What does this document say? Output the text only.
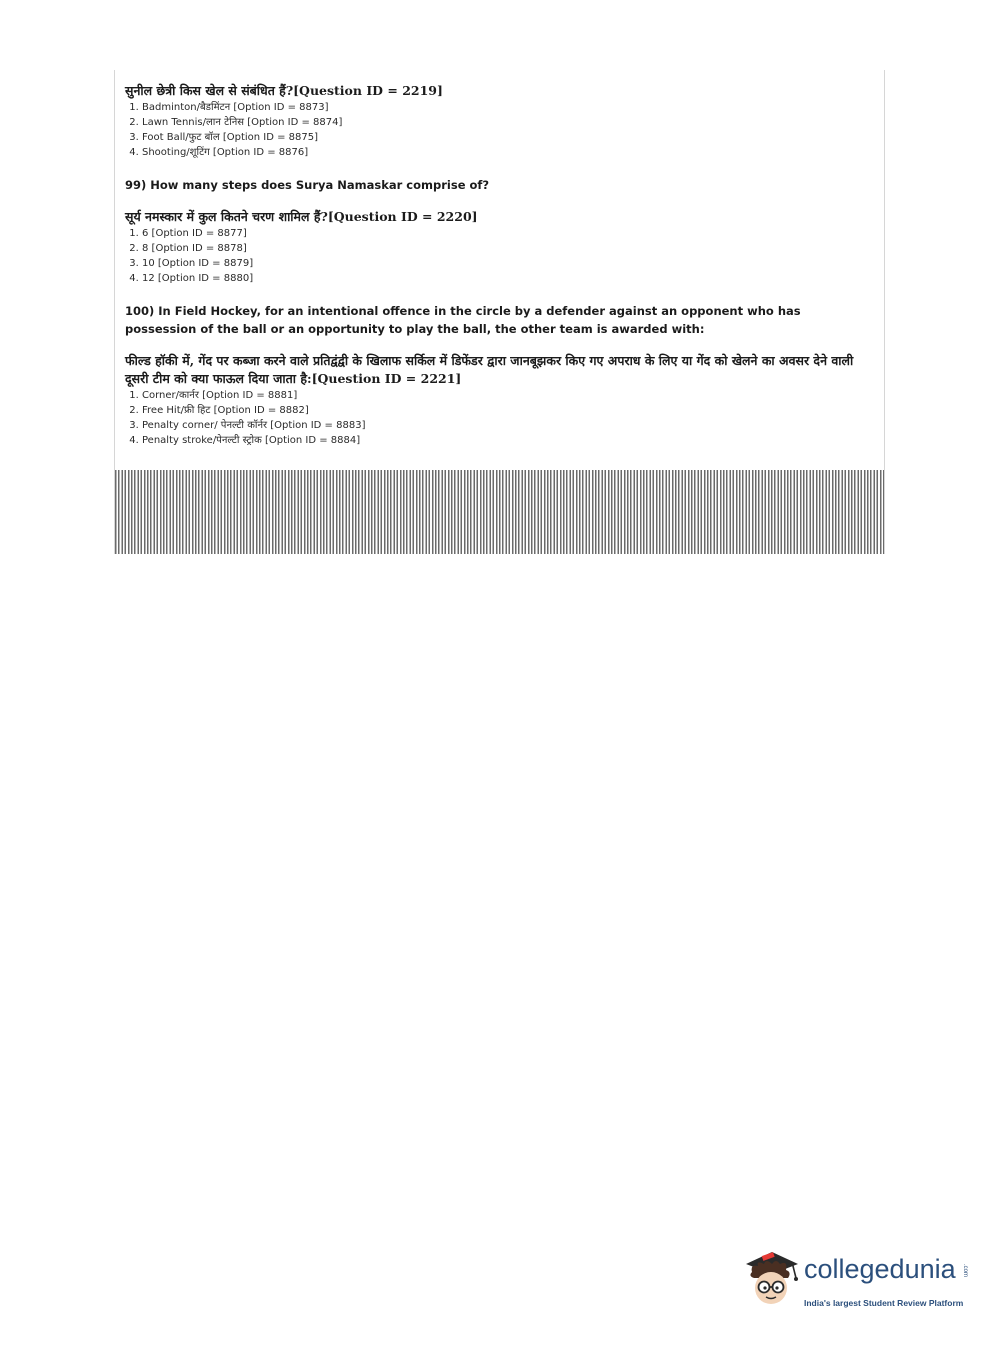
सुनील छेत्री किस खेल से संबंधित हैं?[Question ID = 2219]
1. Badminton/बैडमिंटन [Option ID = 8873]
2. Lawn Tennis/लान टेनिस [Option ID = 8874]
3. Foot Ball/फुट बॉल [Option ID = 8875]
4. Shooting/शूटिंग [Option ID = 8876]
99) How many steps does Surya Namaskar comprise of?
सूर्य नमस्कार में कुल कितने चरण शामिल हैं?[Question ID = 2220]
1. 6 [Option ID = 8877]
2. 8 [Option ID = 8878]
3. 10 [Option ID = 8879]
4. 12 [Option ID = 8880]
100) In Field Hockey, for an intentional offence in the circle by a defender against an opponent who has possession of the ball or an opportunity to play the ball, the other team is awarded with:
फील्ड हॉकी में, गेंद पर कब्जा करने वाले प्रतिद्वंद्वी के खिलाफ सर्किल में डिफेंडर द्वारा जानबूझकर किए गए अपराध के लिए या गेंद को खेलने का अवसर देने वाली दूसरी टीम को क्या फाऊल दिया जाता है:[Question ID = 2221]
1. Corner/कार्नर [Option ID = 8881]
2. Free Hit/फ्री हिट [Option ID = 8882]
3. Penalty corner/ पेनल्टी कॉर्नर [Option ID = 8883]
4. Penalty stroke/पेनल्टी स्ट्रोक [Option ID = 8884]
collegedunia .com
India's largest Student Review Platform
